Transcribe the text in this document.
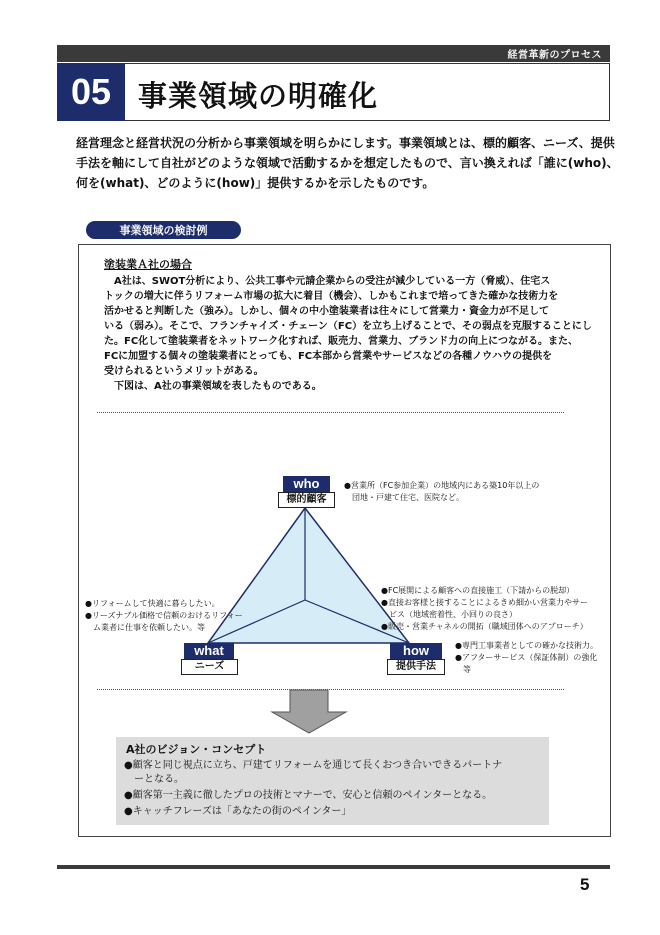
経営革新のプロセス
05 事業領域の明確化
経営理念と経営状況の分析から事業領域を明らかにします。事業領域とは、標的顧客、ニーズ、提供
手法を軸にして自社がどのような領域で活動するかを想定したもので、言い換えれば「誰に(who)、
何を(what)、どのように(how)」提供するかを示したものです。
事業領域の検討例
塗装業Ａ社の場合
　A社は、SWOT分析により、公共工事や元請企業からの受注が減少している一方（脅威）、住宅ス
トックの増大に伴うリフォーム市場の拡大に着目（機会）、しかもこれまで培ってきた確かな技術力を
活かせると判断した（強み）。しかし、個々の中小塗装業者は往々にして営業力・資金力が不足して
いる（弱み）。そこで、フランチャイズ・チェーン（FC）を立ち上げることで、その弱点を克服することにし
た。FC化して塗装業者をネットワーク化すれば、販売力、営業力、ブランド力の向上につながる。また、
FCに加盟する個々の塗装業者にとっても、FC本部から営業やサービスなどの各種ノウハウの提供を
受けられるというメリットがある。
　下図は、A社の事業領域を表したものである。
who
標的顧客
●営業所（FC参加企業）の地域内にある築10年以上の
　団地・戸建て住宅、医院など。
what
ニーズ
●リフォームして快適に暮らしたい。
●リーズナブル価格で信頼のおけるリフォー
　ム業者に仕事を依頼したい。等
how
提供手法
●FC展開による顧客への直接施工（下請からの脱却）
●直接お客様と接することによるきめ細かい営業力やサー
　ビス（地域密着性、小回りの良さ）
●販売・営業チャネルの開拓（職域団体へのアプローチ）
●専門工事業者としての確かな技術力。
●アフターサービス（保証体制）の強化
　等
A社のビジョン・コンセプト
●顧客と同じ視点に立ち、戸建てリフォームを通じて長くおつき合いできるパートナ
　ーとなる。
●顧客第一主義に徹したプロの技術とマナーで、安心と信頼のペインターとなる。
●キャッチフレーズは「あなたの街のペインター」
5
